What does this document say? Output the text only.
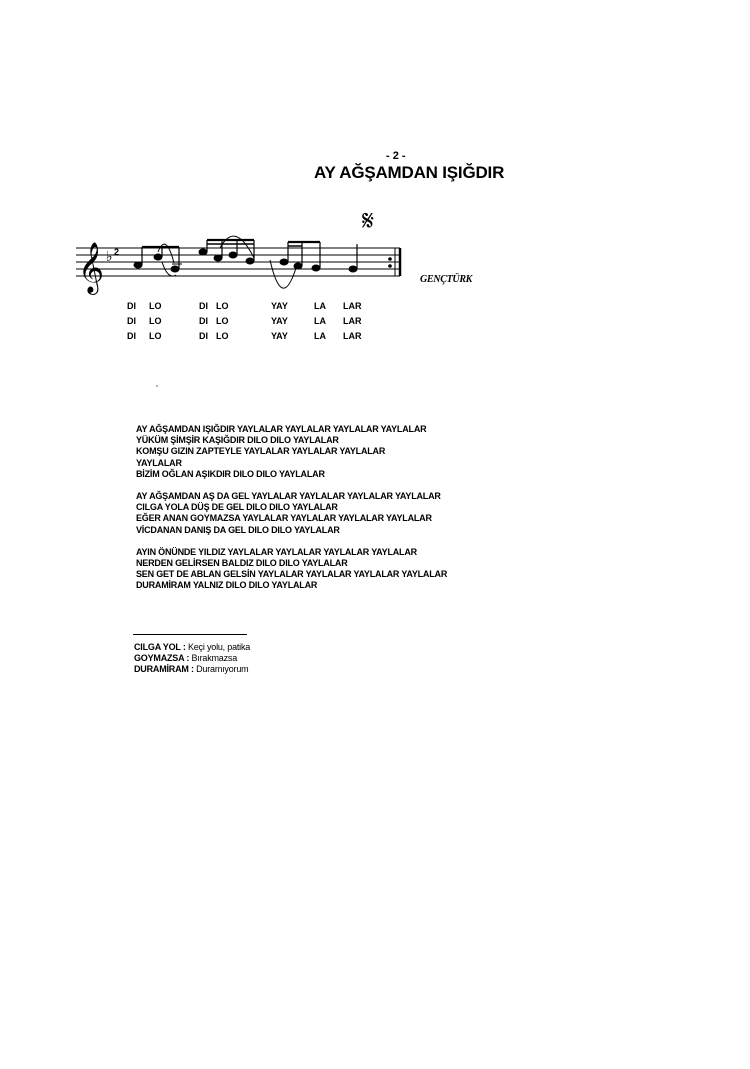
- 2 -
AY AĞŞAMDAN IŞIĞDIR
𝄋
𝄞 ♭ 2
GENÇTÜRK
DI LO	DI LO	YAY	LA LAR
DI LO	DI LO	YAY	LA LAR
DI LO	DI LO	YAY	LA LAR
AY AĞŞAMDAN IŞIĞDIR YAYLALAR YAYLALAR YAYLALAR YAYLALAR
YÜKÜM ŞİMŞİR KAŞIĞDIR DILO DILO YAYLALAR
KOMŞU GIZIN ZAPTEYLE YAYLALAR YAYLALAR YAYLALAR
YAYLALAR
BİZİM OĞLAN AŞIKDIR DILO DILO YAYLALAR
AY AĞŞAMDAN AŞ DA GEL YAYLALAR YAYLALAR YAYLALAR YAYLALAR
CILGA YOLA DÜŞ DE GEL DILO DILO YAYLALAR
EĞER ANAN GOYMAZSA YAYLALAR YAYLALAR YAYLALAR YAYLALAR
VİCDANAN DANIŞ DA GEL DILO DILO YAYLALAR
AYIN ÖNÜNDE YILDIZ YAYLALAR YAYLALAR YAYLALAR YAYLALAR
NERDEN GELİRSEN BALDIZ DILO DILO YAYLALAR
SEN GET DE ABLAN GELSİN YAYLALAR YAYLALAR YAYLALAR YAYLALAR
DURAMİRAM YALNIZ DILO DILO YAYLALAR
CILGA YOL : Keçi yolu, patika
GOYMAZSA : Bırakmazsa
DURAMİRAM : Duramıyorum
